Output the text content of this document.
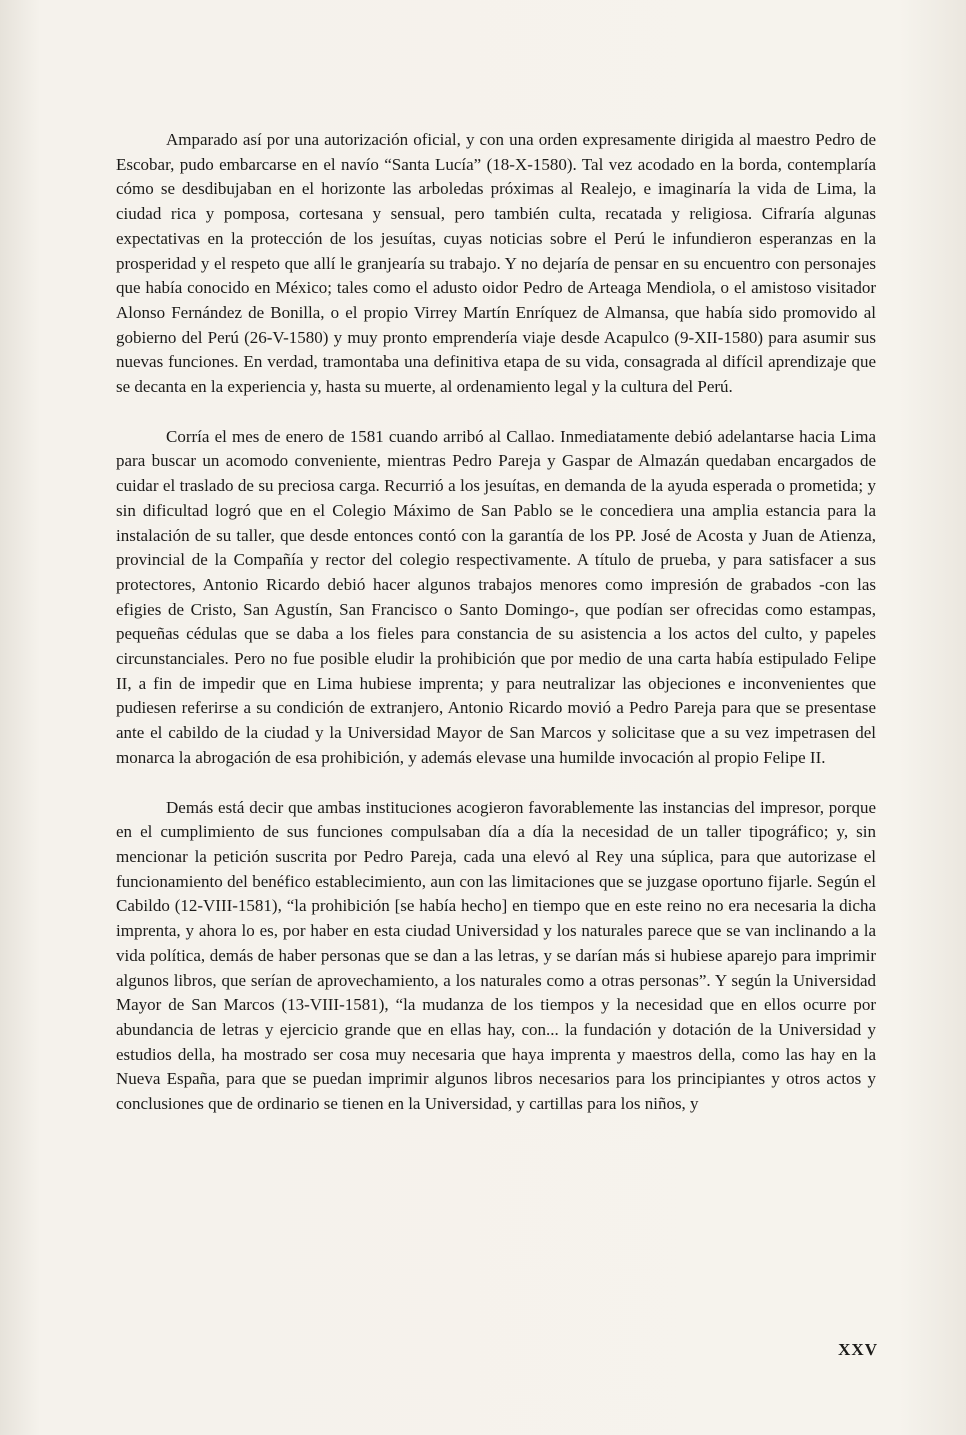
Amparado así por una autorización oficial, y con una orden expresamente dirigida al maestro Pedro de Escobar, pudo embarcarse en el navío “Santa Lucía” (18-X-1580). Tal vez acodado en la borda, contemplaría cómo se desdibujaban en el horizonte las arboledas próximas al Realejo, e imaginaría la vida de Lima, la ciudad rica y pomposa, cortesana y sensual, pero también culta, recatada y religiosa. Cifraría algunas expectativas en la protección de los jesuítas, cuyas noticias sobre el Perú le infundieron esperanzas en la prosperidad y el respeto que allí le granjearía su trabajo. Y no dejaría de pensar en su encuentro con personajes que había conocido en México; tales como el adusto oidor Pedro de Arteaga Mendiola, o el amistoso visitador Alonso Fernández de Bonilla, o el propio Virrey Martín Enríquez de Almansa, que había sido promovido al gobierno del Perú (26-V-1580) y muy pronto emprendería viaje desde Acapulco (9-XII-1580) para asumir sus nuevas funciones. En verdad, tramontaba una definitiva etapa de su vida, consagrada al difícil aprendizaje que se decanta en la experiencia y, hasta su muerte, al ordenamiento legal y la cultura del Perú.

Corría el mes de enero de 1581 cuando arribó al Callao. Inmediatamente debió adelantarse hacia Lima para buscar un acomodo conveniente, mientras Pedro Pareja y Gaspar de Almazán quedaban encargados de cuidar el traslado de su preciosa carga. Recurrió a los jesuítas, en demanda de la ayuda esperada o prometida; y sin dificultad logró que en el Colegio Máximo de San Pablo se le concediera una amplia estancia para la instalación de su taller, que desde entonces contó con la garantía de los PP. José de Acosta y Juan de Atienza, provincial de la Compañía y rector del colegio respectivamente. A título de prueba, y para satisfacer a sus protectores, Antonio Ricardo debió hacer algunos trabajos menores como impresión de grabados -con las efigies de Cristo, San Agustín, San Francisco o Santo Domingo-, que podían ser ofrecidas como estampas, pequeñas cédulas que se daba a los fieles para constancia de su asistencia a los actos del culto, y papeles circunstanciales. Pero no fue posible eludir la prohibición que por medio de una carta había estipulado Felipe II, a fin de impedir que en Lima hubiese imprenta; y para neutralizar las objeciones e inconvenientes que pudiesen referirse a su condición de extranjero, Antonio Ricardo movió a Pedro Pareja para que se presentase ante el cabildo de la ciudad y la Universidad Mayor de San Marcos y solicitase que a su vez impetrasen del monarca la abrogación de esa prohibición, y además elevase una humilde invocación al propio Felipe II.

Demás está decir que ambas instituciones acogieron favorablemente las instancias del impresor, porque en el cumplimiento de sus funciones compulsaban día a día la necesidad de un taller tipográfico; y, sin mencionar la petición suscrita por Pedro Pareja, cada una elevó al Rey una súplica, para que autorizase el funcionamiento del benéfico establecimiento, aun con las limitaciones que se juzgase oportuno fijarle. Según el Cabildo (12-VIII-1581), “la prohibición [se había hecho] en tiempo que en este reino no era necesaria la dicha imprenta, y ahora lo es, por haber en esta ciudad Universidad y los naturales parece que se van inclinando a la vida política, demás de haber personas que se dan a las letras, y se darían más si hubiese aparejo para imprimir algunos libros, que serían de aprovechamiento, a los naturales como a otras personas”. Y según la Universidad Mayor de San Marcos (13-VIII-1581), “la mudanza de los tiempos y la necesidad que en ellos ocurre por abundancia de letras y ejercicio grande que en ellas hay, con... la fundación y dotación de la Universidad y estudios della, ha mostrado ser cosa muy necesaria que haya imprenta y maestros della, como las hay en la Nueva España, para que se puedan imprimir algunos libros necesarios para los principiantes y otros actos y conclusiones que de ordinario se tienen en la Universidad, y cartillas para los niños, y

XXV
